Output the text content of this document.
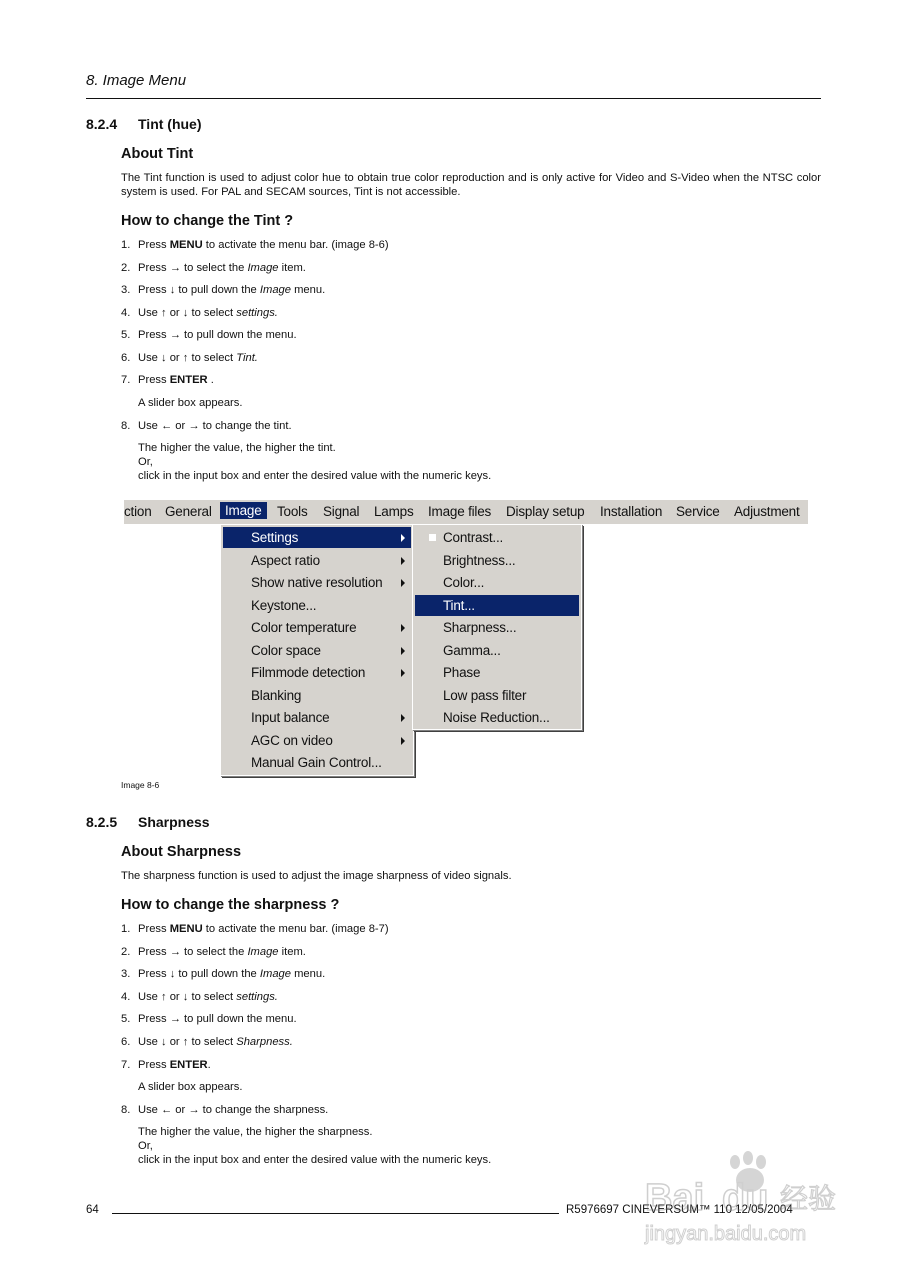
8. Image Menu
8.2.4 Tint (hue)
About Tint
The Tint function is used to adjust color hue to obtain true color reproduction and is only active for Video and S-Video when the NTSC color system is used. For PAL and SECAM sources, Tint is not accessible.
How to change the Tint ?
1. Press MENU to activate the menu bar. (image 8-6)
2. Press → to select the Image item.
3. Press ↓ to pull down the Image menu.
4. Use ↑ or ↓ to select settings.
5. Press → to pull down the menu.
6. Use ↓ or ↑ to select Tint.
7. Press ENTER .
8. Use ← or → to change the tint.
A slider box appears.
The higher the value, the higher the tint.
Or,
click in the input box and enter the desired value with the numeric keys.
ction General Image	Tools Signal Lamps Image files Display setup Installation Service Adjustment
Settings
Aspect ratio
Show native resolution
Keystone...
Color temperature
Color space
Filmmode detection
Blanking
Input balance
AGC on video
Manual Gain Control...
Contrast...
Brightness...
Color...
Tint...
Sharpness...
Gamma...
Phase
Low pass filter
Noise Reduction...
Image 8-6
8.2.5 Sharpness
About Sharpness
The sharpness function is used to adjust the image sharpness of video signals.
How to change the sharpness ?
1. Press MENU to activate the menu bar. (image 8-7)
2. Press → to select the Image item.
3. Press ↓ to pull down the Image menu.
4. Use ↑ or ↓ to select settings.
5. Press → to pull down the menu.
6. Use ↓ or ↑ to select Sharpness.
7. Press ENTER.
8. Use ← or → to change the sharpness.
A slider box appears.
The higher the value, the higher the sharpness.
Or,
click in the input box and enter the desired value with the numeric keys.
64	R5976697 CINEVERSUM™ 110 12/05/2004
Bai du 经验
jingyan.baidu.com
